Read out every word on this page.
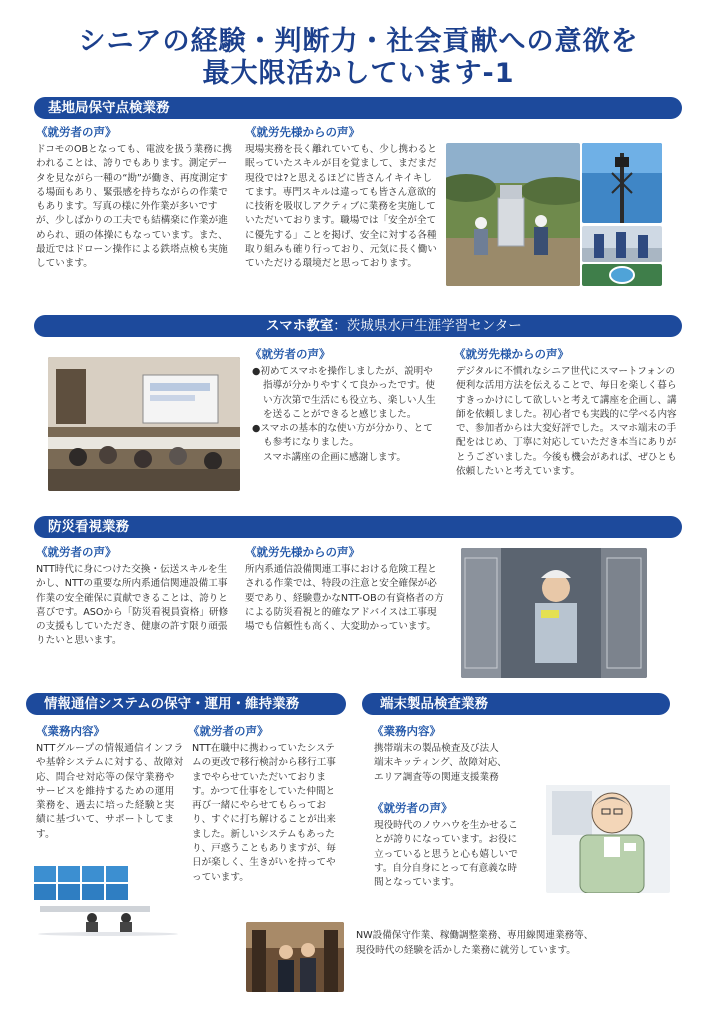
シニアの経験・判断力・社会貢献への意欲を
最大限活かしています-1
基地局保守点検業務
《就労者の声》
ドコモのOBとなっても、電波を扱う業務に携われることは、誇りでもあります。測定データを見ながら一種の“勘”が働き、再度測定する場面もあり、緊張感を持ちながらの作業でもあります。写真の様に外作業が多いですが、少しばかりの工夫でも結構楽に作業が進められ、頭の体操にもなっています。また、最近ではドローン操作による鉄塔点検も実施しています。
《就労先様からの声》
現場実務を長く離れていても、少し携わると眠っていたスキルが目を覚まして、まだまだ現役では?と思えるほどに皆さんイキイキしてます。専門スキルは違っても皆さん意欲的に技術を吸収しアクティブに業務を実施していただいております。職場では「安全が全てに優先する」ことを掲げ、安全に対する各種取り組みも確り行っており、元気に長く働いていただける環境だと思っております。
スマホ教室：茨城県水戸生涯学習センター
《就労者の声》

●初めてスマホを操作しましたが、説明や指導が分かりやすくて良かったです。使い方次第で生活にも役立ち、楽しい人生を送ることができると感じました。

●スマホの基本的な使い方が分かり、とても参考になりました。

スマホ講座の企画に感謝します。

《就労先様からの声》
デジタルに不慣れなシニア世代にスマートフォンの便利な活用方法を伝えることで、毎日を楽しく暮らすきっかけにして欲しいと考えて講座を企画し、講師を依頼しました。初心者でも実践的に学べる内容で、参加者からは大変好評でした。スマホ端末の手配をはじめ、丁寧に対応していただき本当にありがとうございました。今後も機会があれば、ぜひとも依頼したいと考えています。
防災看視業務
《就労者の声》
NTT時代に身につけた交換・伝送スキルを生かし、NTTの重要な所内系通信関連設備工事作業の安全確保に貢献できることは、誇りと喜びです。ASOから「防災看視員資格」研修の支援もしていただき、健康の許す限り頑張りたいと思います。
《就労先様からの声》
所内系通信設備関連工事における危険工程とされる作業では、特段の注意と安全確保が必要であり、経験豊かなNTT-OBの有資格者の方による防災看視と的確なアドバイスは工事現場でも信頼性も高く、大変助かっています。
情報通信システムの保守・運用・維持業務
《業務内容》
NTTグループの情報通信インフラや基幹システムに対する、故障対応、問合せ対応等の保守業務やサービスを維持するための運用業務を、過去に培った経験と実績に基づいて、サポートしてます。
《就労者の声》
NTT在職中に携わっていたシステムの更改で移行検討から移行工事までやらせていただいております。かつて仕事をしていた仲間と再び一緒にやらせてもらっており、すぐに打ち解けることが出来ました。新しいシステムもあったり、戸惑うこともありますが、毎日が楽しく、生きがいを持ってやっています。
端末製品検査業務
《業務内容》

携帯端末の製品検査及び法人

端末キッティング、故障対応、

エリア調査等の関連支援業務

《就労者の声》
現役時代のノウハウを生かせることが誇りになっています。お役に立っていると思うと心も嬉しいです。自分自身にとって有意義な時間となっています。
NW設備保守作業、稼働調整業務、専用線関連業務等、
現役時代の経験を活かした業務に就労しています。
